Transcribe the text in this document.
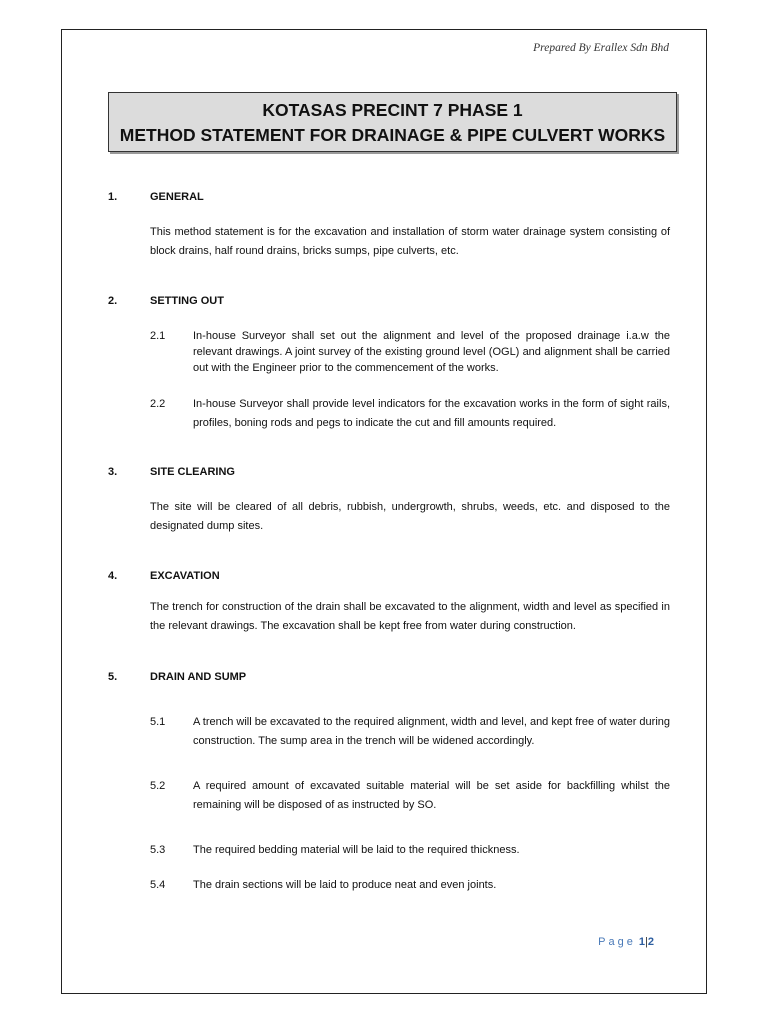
Prepared By Erallex Sdn Bhd
KOTASAS PRECINT 7 PHASE 1
METHOD STATEMENT FOR DRAINAGE & PIPE CULVERT WORKS
1.	GENERAL
This method statement is for the excavation and installation of storm water drainage system consisting of block drains, half round drains, bricks sumps, pipe culverts, etc.
2.	SETTING OUT
2.1	In-house Surveyor shall set out the alignment and level of the proposed drainage i.a.w the relevant drawings. A joint survey of the existing ground level (OGL) and alignment shall be carried out with the Engineer prior to the commencement of the works.
2.2	In-house Surveyor shall provide level indicators for the excavation works in the form of sight rails, profiles, boning rods and pegs to indicate the cut and fill amounts required.
3.	SITE CLEARING
The site will be cleared of all debris, rubbish, undergrowth, shrubs, weeds, etc. and disposed to the designated dump sites.
4.	EXCAVATION
The trench for construction of the drain shall be excavated to the alignment, width and level as specified in the relevant drawings. The excavation shall be kept free from water during construction.
5.	DRAIN AND SUMP
5.1	A trench will be excavated to the required alignment, width and level, and kept free of water during construction. The sump area in the trench will be widened accordingly.
5.2	A required amount of excavated suitable material will be set aside for backfilling whilst the remaining will be disposed of as instructed by SO.
5.3	The required bedding material will be laid to the required thickness.
5.4	The drain sections will be laid to produce neat and even joints.
Page 1|2
